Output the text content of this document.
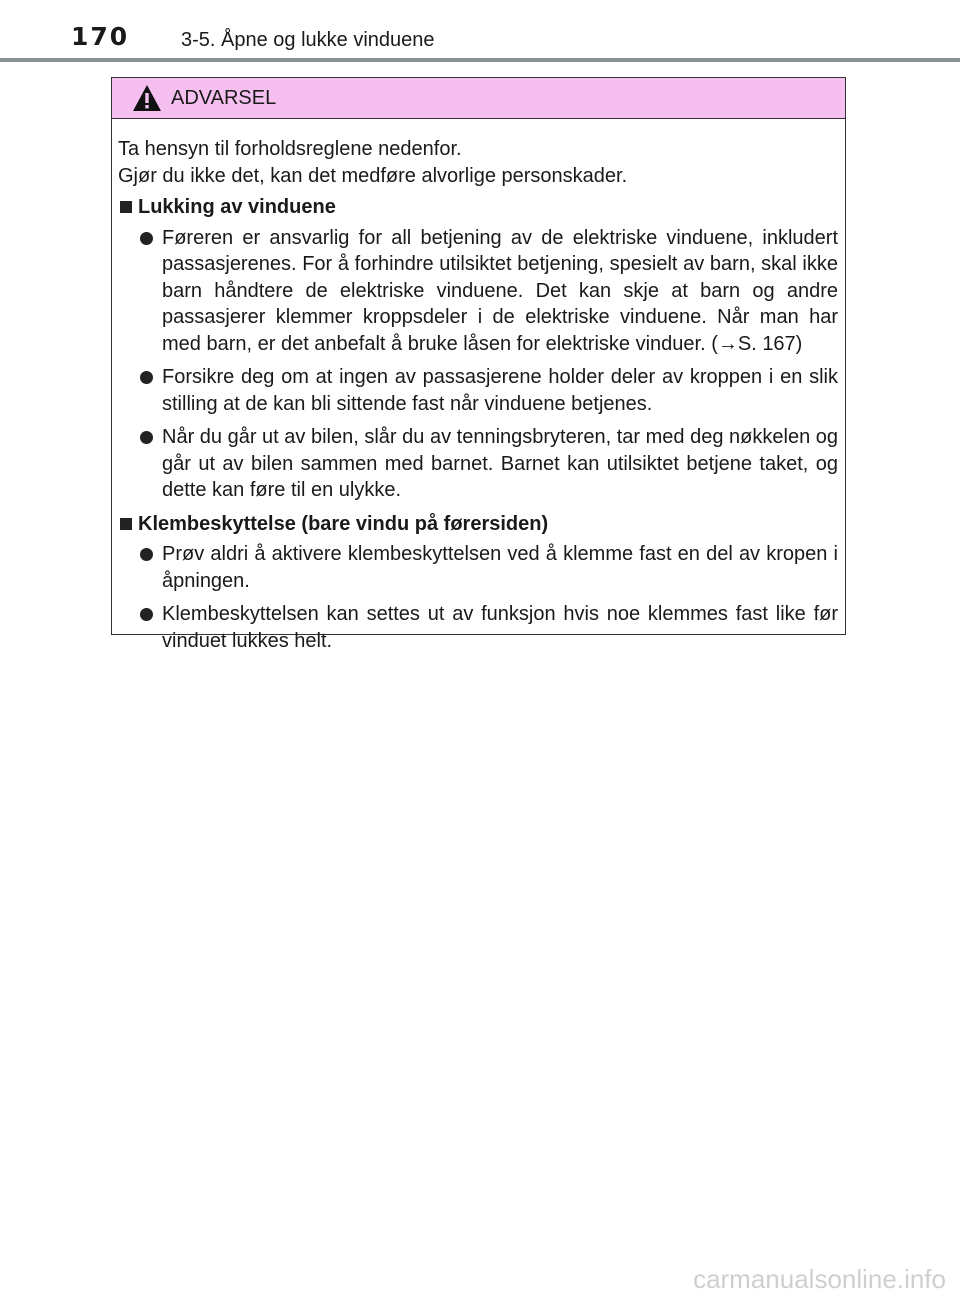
170	3-5. Åpne og lukke vinduene
ADVARSEL

Ta hensyn til forholdsreglene nedenfor.
Gjør du ikke det, kan det medføre alvorlige personskader.

Lukking av vinduene
Føreren er ansvarlig for all betjening av de elektriske vinduene, inkludert passasjerenes. For å forhindre utilsiktet betjening, spesielt av barn, skal ikke barn håndtere de elektriske vinduene. Det kan skje at barn og andre passasjerer klemmer kroppsdeler i de elektriske vinduene. Når man har med barn, er det anbefalt å bruke låsen for elektriske vinduer. (→S. 167)
Forsikre deg om at ingen av passasjerene holder deler av kroppen i en slik stilling at de kan bli sittende fast når vinduene betjenes.
Når du går ut av bilen, slår du av tenningsbryteren, tar med deg nøkkelen og går ut av bilen sammen med barnet. Barnet kan utilsiktet betjene taket, og dette kan føre til en ulykke.
Klembeskyttelse (bare vindu på førersiden)
Prøv aldri å aktivere klembeskyttelsen ved å klemme fast en del av kropen i åpningen.
Klembeskyttelsen kan settes ut av funksjon hvis noe klemmes fast like før vinduet lukkes helt.
carmanualsonline.info
